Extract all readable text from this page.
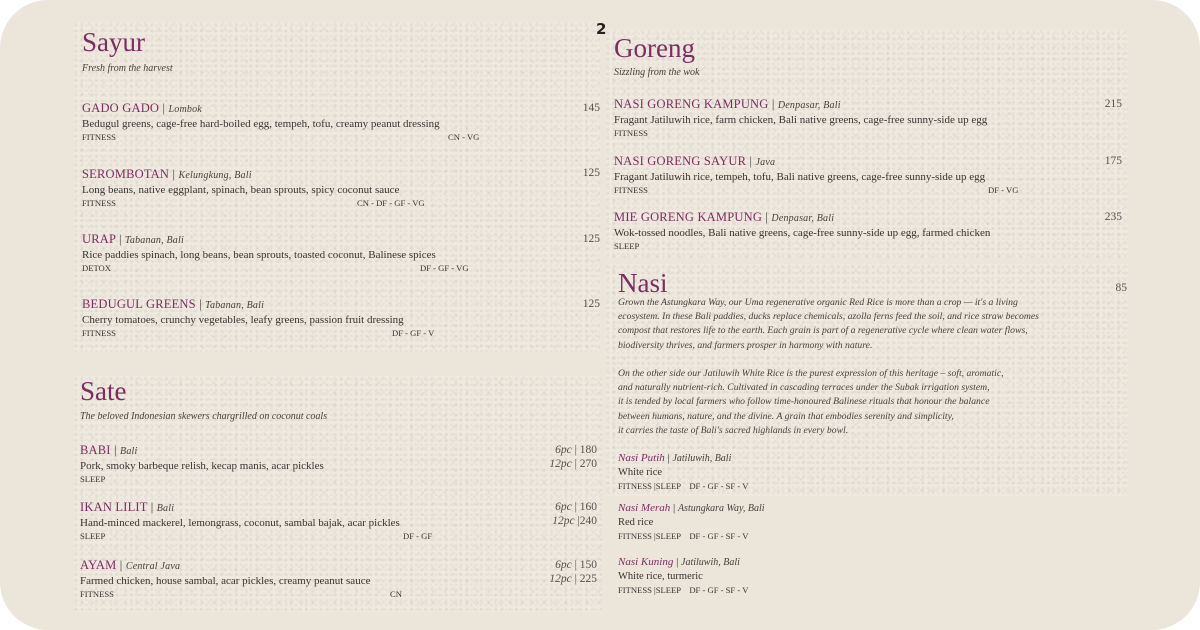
2
Sayur
Fresh from the harvest
GADO GADO | Lombok
Bedugul greens, cage-free hard-boiled egg, tempeh, tofu, creamy peanut dressing
FITNESS	CN - VG
145
SEROMBOTAN | Kelungkung, Bali
Long beans, native eggplant, spinach, bean sprouts, spicy coconut sauce
FITNESS	CN - DF - GF - VG
125
URAP | Tabanan, Bali
Rice paddies spinach, long beans, bean sprouts, toasted coconut, Balinese spices
DETOX	DF - GF - VG
125
BEDUGUL GREENS | Tabanan, Bali
Cherry tomatoes, crunchy vegetables, leafy greens, passion fruit dressing
FITNESS	DF - GF - V
125
Sate
The beloved Indonesian skewers chargrilled on coconut coals
BABI | Bali
Pork, smoky barbeque relish, kecap manis, acar pickles
SLEEP
6pc | 180
12pc | 270
IKAN LILIT | Bali
Hand-minced mackerel, lemongrass, coconut, sambal bajak, acar pickles
SLEEP	DF - GF
6pc | 160
12pc |240
AYAM | Central Java
Farmed chicken, house sambal, acar pickles, creamy peanut sauce
FITNESS	CN
6pc | 150
12pc | 225
Goreng
Sizzling from the wok
NASI GORENG KAMPUNG | Denpasar, Bali
Fragant Jatiluwih rice, farm chicken, Bali native greens, cage-free sunny-side up egg
FITNESS
215
NASI GORENG SAYUR | Java
Fragant Jatiluwih rice, tempeh, tofu, Bali native greens, cage-free sunny-side up egg
FITNESS	DF - VG
175
MIE GORENG KAMPUNG | Denpasar, Bali
Wok-tossed noodles, Bali native greens, cage-free sunny-side up egg, farmed chicken
SLEEP
235
Nasi	85
Grown the Astungkara Way, our Uma regenerative organic Red Rice is more than a crop — it's a living
ecosystem. In these Bali paddies, ducks replace chemicals, azolla ferns feed the soil, and rice straw becomes
compost that restores life to the earth. Each grain is part of a regenerative cycle where clean water flows,
biodiversity thrives, and farmers prosper in harmony with nature.
On the other side our Jatiluwih White Rice is the purest expression of this heritage – soft, aromatic,
and naturally nutrient-rich. Cultivated in cascading terraces under the Subak irrigation system,
it is tended by local farmers who follow time-honoured Balinese rituals that honour the balance
between humans, nature, and the divine. A grain that embodies serenity and simplicity,
it carries the taste of Bali's sacred highlands in every bowl.
Nasi Putih | Jatiluwih, Bali
White rice
FITNESS |SLEEP    DF - GF - SF - V
Nasi Merah | Astungkara Way, Bali
Red rice
FITNESS |SLEEP    DF - GF - SF - V
Nasi Kuning | Jatiluwih, Bali
White rice, turmeric
FITNESS |SLEEP    DF - GF - SF - V
